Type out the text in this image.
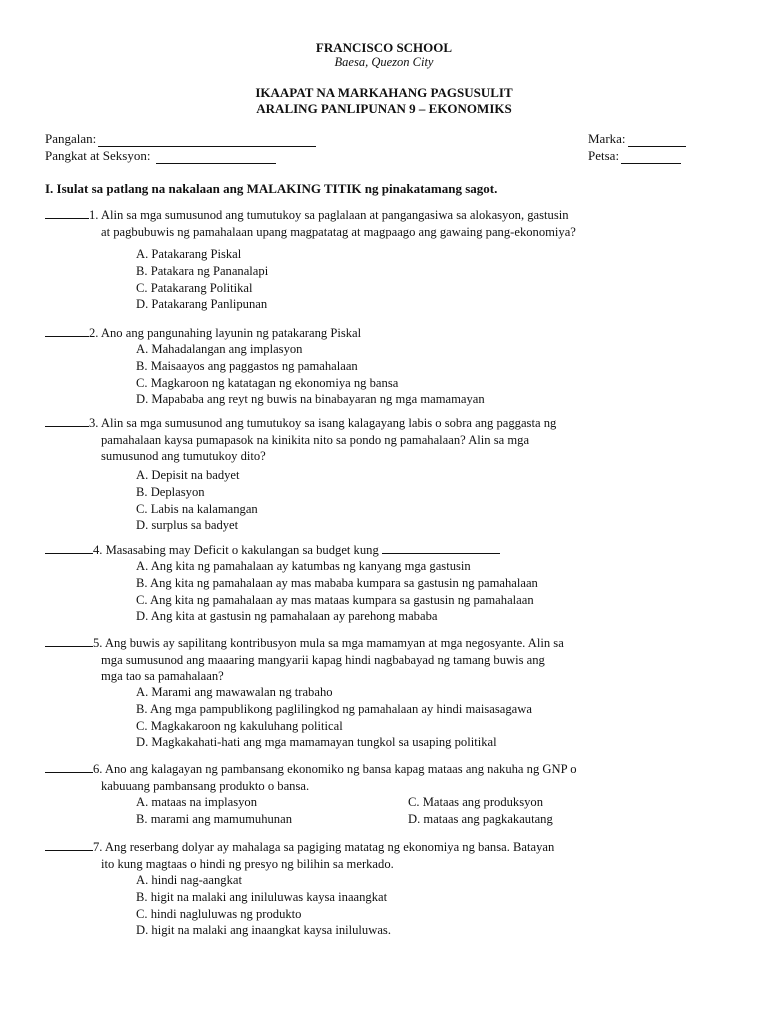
FRANCISCO SCHOOL
Baesa, Quezon City
IKAAPAT NA MARKAHANG PAGSUSULIT
ARALING PANLIPUNAN 9 – EKONOMIKS
Pangalan:
Pangkat at Seksyon:
Marka:
Petsa:
I. Isulat sa patlang na nakalaan ang MALAKING TITIK ng pinakatamang sagot.
1. Alin sa mga sumusunod ang tumutukoy sa paglalaan at pangangasiwa sa alokasyon, gastusin
at pagbubuwis ng pamahalaan upang magpatatag at magpaago ang gawaing pang-ekonomiya?
A. Patakarang Piskal
B. Patakara ng Pananalapi
C. Patakarang Politikal
D. Patakarang Panlipunan
2. Ano ang pangunahing layunin ng patakarang Piskal
A. Mahadalangan ang implasyon
B. Maisaayos ang paggastos ng pamahalaan
C. Magkaroon ng katatagan ng ekonomiya ng bansa
D. Mapababa ang reyt ng buwis na binabayaran ng mga mamamayan
3. Alin sa mga sumusunod ang tumutukoy sa isang kalagayang labis o sobra ang paggasta ng
pamahalaan kaysa pumapasok na kinikita nito sa pondo ng pamahalaan? Alin sa mga
sumusunod ang tumutukoy dito?
A. Depisit na badyet
B. Deplasyon
C. Labis na kalamangan
D. surplus sa badyet
4. Masasabing may Deficit o kakulangan sa budget kung
A. Ang kita ng pamahalaan ay katumbas ng kanyang mga gastusin
B. Ang kita ng pamahalaan ay mas mababa kumpara sa gastusin ng pamahalaan
C. Ang kita ng pamahalaan ay mas mataas kumpara sa gastusin ng pamahalaan
D. Ang kita at gastusin ng pamahalaan ay parehong mababa
5. Ang buwis ay sapilitang kontribusyon mula sa mga mamamyan at mga negosyante. Alin sa
mga sumusunod ang maaaring mangyarii kapag hindi nagbabayad ng tamang buwis ang
mga tao sa pamahalaan?
A. Marami ang mawawalan ng trabaho
B. Ang mga pampublikong paglilingkod ng pamahalaan ay hindi maisasagawa
C. Magkakaroon ng kakuluhang political
D. Magkakahati-hati ang mga mamamayan tungkol sa usaping politikal
6. Ano ang kalagayan ng pambansang ekonomiko ng bansa kapag mataas ang nakuha ng GNP o
kabuuang pambansang produkto o bansa.
A. mataas na implasyon
B. marami ang mamumuhunan
C. Mataas ang produksyon
D. mataas ang pagkakautang
7. Ang reserbang dolyar ay mahalaga sa pagiging matatag ng ekonomiya ng bansa. Batayan
ito kung magtaas o hindi ng presyo ng bilihin sa merkado.
A. hindi nag-aangkat
B. higit na malaki ang iniluluwas kaysa inaangkat
C. hindi nagluluwas ng produkto
D. higit na malaki ang inaangkat kaysa iniluluwas.
